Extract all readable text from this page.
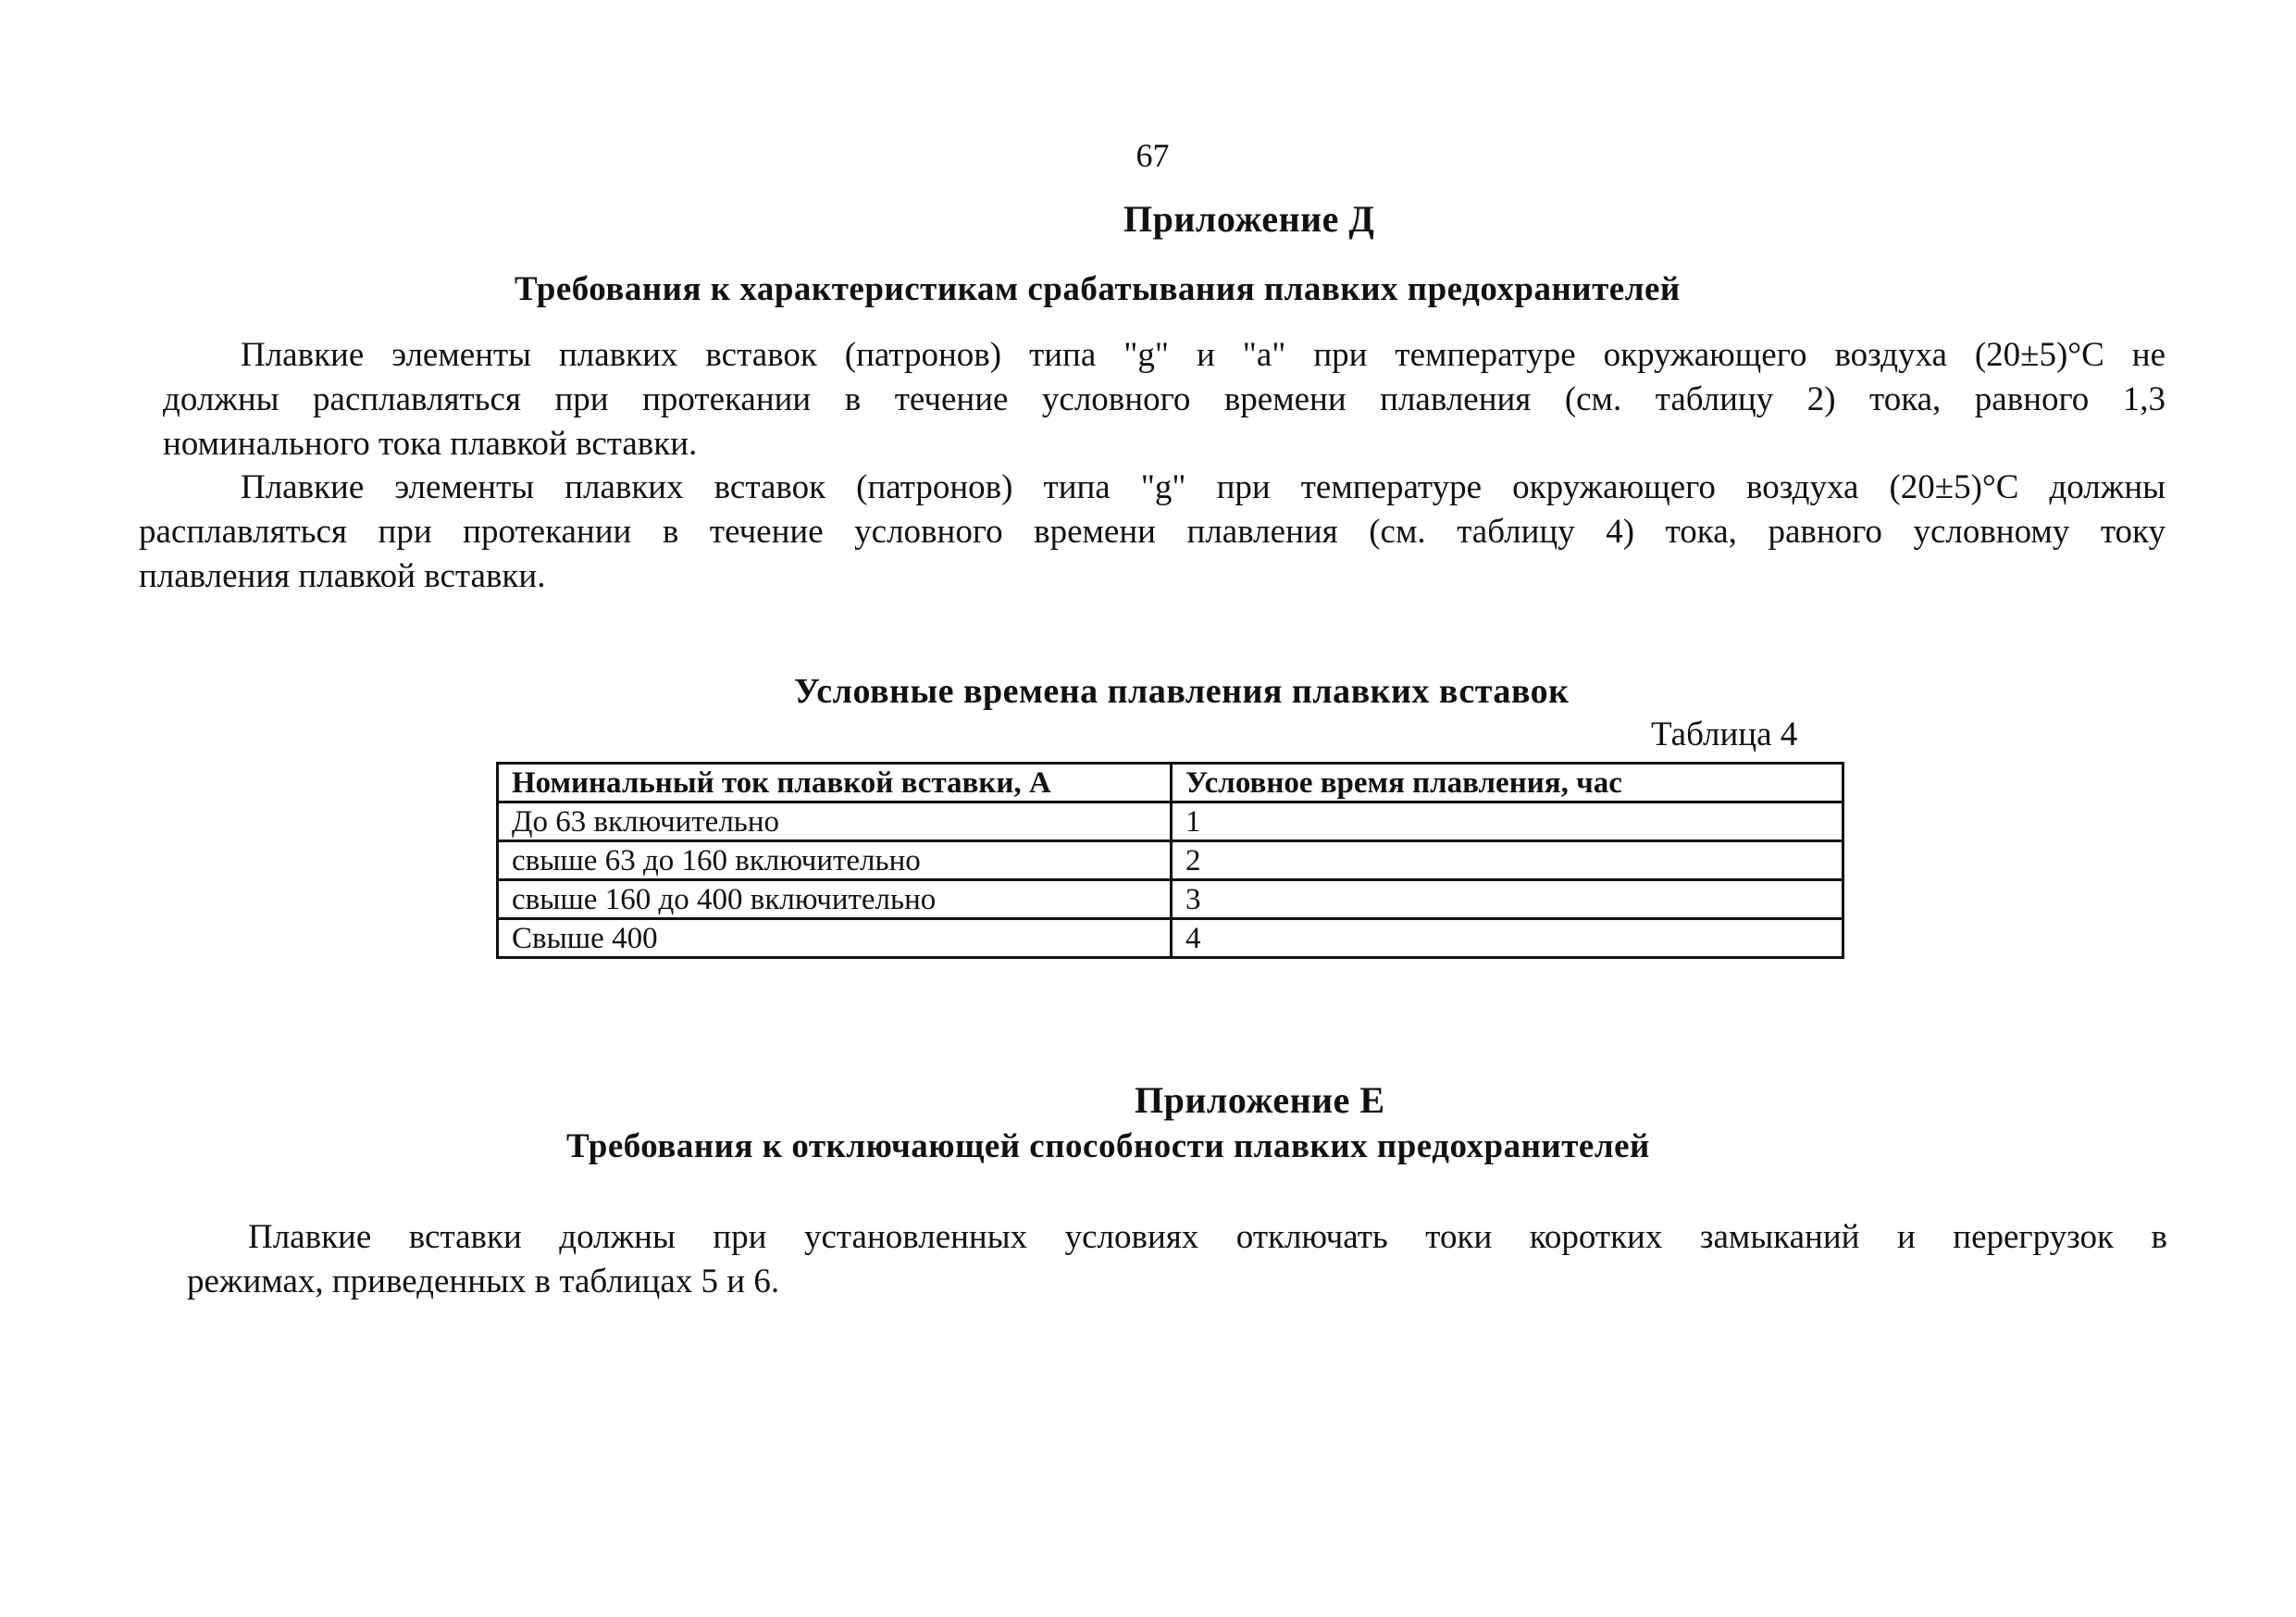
67
Приложение Д
Требования к характеристикам срабатывания плавких предохранителей
Плавкие элементы плавких вставок (патронов) типа "g" и "a" при температуре окружающего воздуха (20±5)°C не
должны расплавляться при протекании в течение условного времени плавления (см. таблицу 2) тока, равного 1,3
номинального тока плавкой вставки.
Плавкие элементы плавких вставок (патронов) типа "g" при температуре окружающего воздуха (20±5)°C должны
расплавляться при протекании в течение условного времени плавления (см. таблицу 4) тока, равного условному току
плавления плавкой вставки.
Условные времена плавления плавких вставок
Таблица 4
Номинальный ток плавкой вставки, А	Условное время плавления, час
До 63 включительно	1
свыше 63 до 160 включительно	2
свыше 160 до 400 включительно	3
Свыше 400	4
Приложение Е
Требования к отключающей способности плавких предохранителей
Плавкие вставки должны при установленных условиях отключать токи коротких замыканий и перегрузок в
режимах, приведенных в таблицах 5 и 6.
